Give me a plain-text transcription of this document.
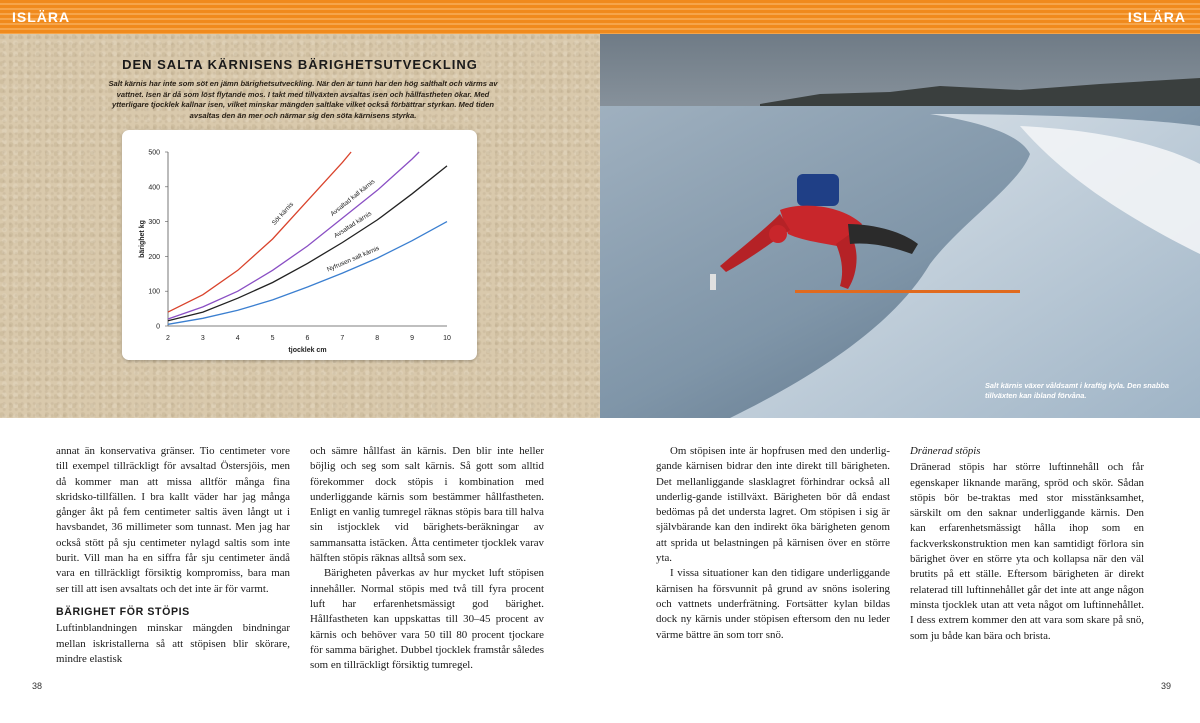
ISLÄRA	ISLÄRA
DEN SALTA KÄRNISENS BÄRIGHETSUTVECKLING
Salt kärnis har inte som söt en jämn bärighetsutveckling. När den är tunn har den hög salthalt och värms av vattnet. Isen är då som löst flytande mos. I takt med tillväxten avsaltas isen och hållfastheten ökar. Med ytterligare tjocklek kallnar isen, vilket minskar mängden saltlake vilket också förbättrar styrkan. Med tiden avsaltas den än mer och närmar sig den söta kärnisens styrka.
2	3	4	5	6	7	8	9	10
0
100
200
300
400
500
tjocklek cm
bärighet kg
Söt kärnis	Avsaltad kall kärnis
Avsaltad kärnis
Nyfrusen salt kärnis
Salt kärnis växer våldsamt i kraftig kyla. Den snabba tillväxten kan ibland förvåna.

annat än konservativa gränser. Tio centimeter vore till exempel tillräckligt för avsaltad Östersjöis, men då kommer man att missa alltför många fina skridsko-tillfällen. I bra kallt väder har jag många gånger åkt på fem centimeter saltis även långt ut i havsbandet, 36 millimeter som tunnast. Men jag har också stött på sju centimeter nylagd saltis som inte burit. Vill man ha en siffra får sju centimeter ändå vara en tillräckligt försiktig kompromiss, bara man ser till att isen avsaltats och det inte är för varmt.

BÄRIGHET FÖR STÖPIS

Luftinblandningen minskar mängden bindningar mellan iskristallerna så att stöpisen blir skörare, mindre elastisk

och sämre hållfast än kärnis. Den blir inte heller böjlig och seg som salt kärnis. Så gott som alltid förekommer dock stöpis i kombination med underliggande kärnis som bestämmer hållfastheten. Enligt en vanlig tumregel räknas stöpis bara till halva sin istjocklek vid bärighets-beräkningar av sammansatta istäcken. Åtta centimeter tjocklek varav hälften stöpis räknas alltså som sex.

Bärigheten påverkas av hur mycket luft stöpisen innehåller. Normal stöpis med två till fyra procent luft har erfarenhetsmässigt god bärighet. Hållfastheten kan uppskattas till 30–45 procent av kärnis och behöver vara 50 till 80 procent tjockare för samma bärighet. Dubbel tjocklek framstår således som en tillräckligt försiktig tumregel.

Om stöpisen inte är hopfrusen med den underlig-gande kärnisen bidrar den inte direkt till bärigheten. Det mellanliggande slasklagret förhindrar också all underlig-gande istillväxt. Bärigheten bör då endast bedömas på det understa lagret. Om stöpisen i sig är självbärande kan den indirekt öka bärigheten genom att sprida ut belastningen på kärnisen över en större yta.

I vissa situationer kan den tidigare underliggande kärnisen ha försvunnit på grund av snöns isolering och vattnets underfrätning. Fortsätter kylan bildas dock ny kärnis under stöpisen eftersom den nu leder värme bättre än som torr snö.

Dränerad stöpis

Dränerad stöpis har större luftinnehåll och får egenskaper liknande maräng, spröd och skör. Sådan stöpis bör be-traktas med stor misstänksamhet, särskilt om den saknar underliggande kärnis. Den kan erfarenhetsmässigt hålla ihop som en fackverkskonstruktion men kan samtidigt förlora sin bärighet över en större yta och kollapsa när den väl brutits på ett ställe. Eftersom bärigheten är direkt relaterad till luftinnehållet går det inte att ange någon minsta tjocklek utan att veta något om luftinnehållet. I dess extrem kommer den att vara som skare på snö, som ju både kan bära och brista.

38	39
